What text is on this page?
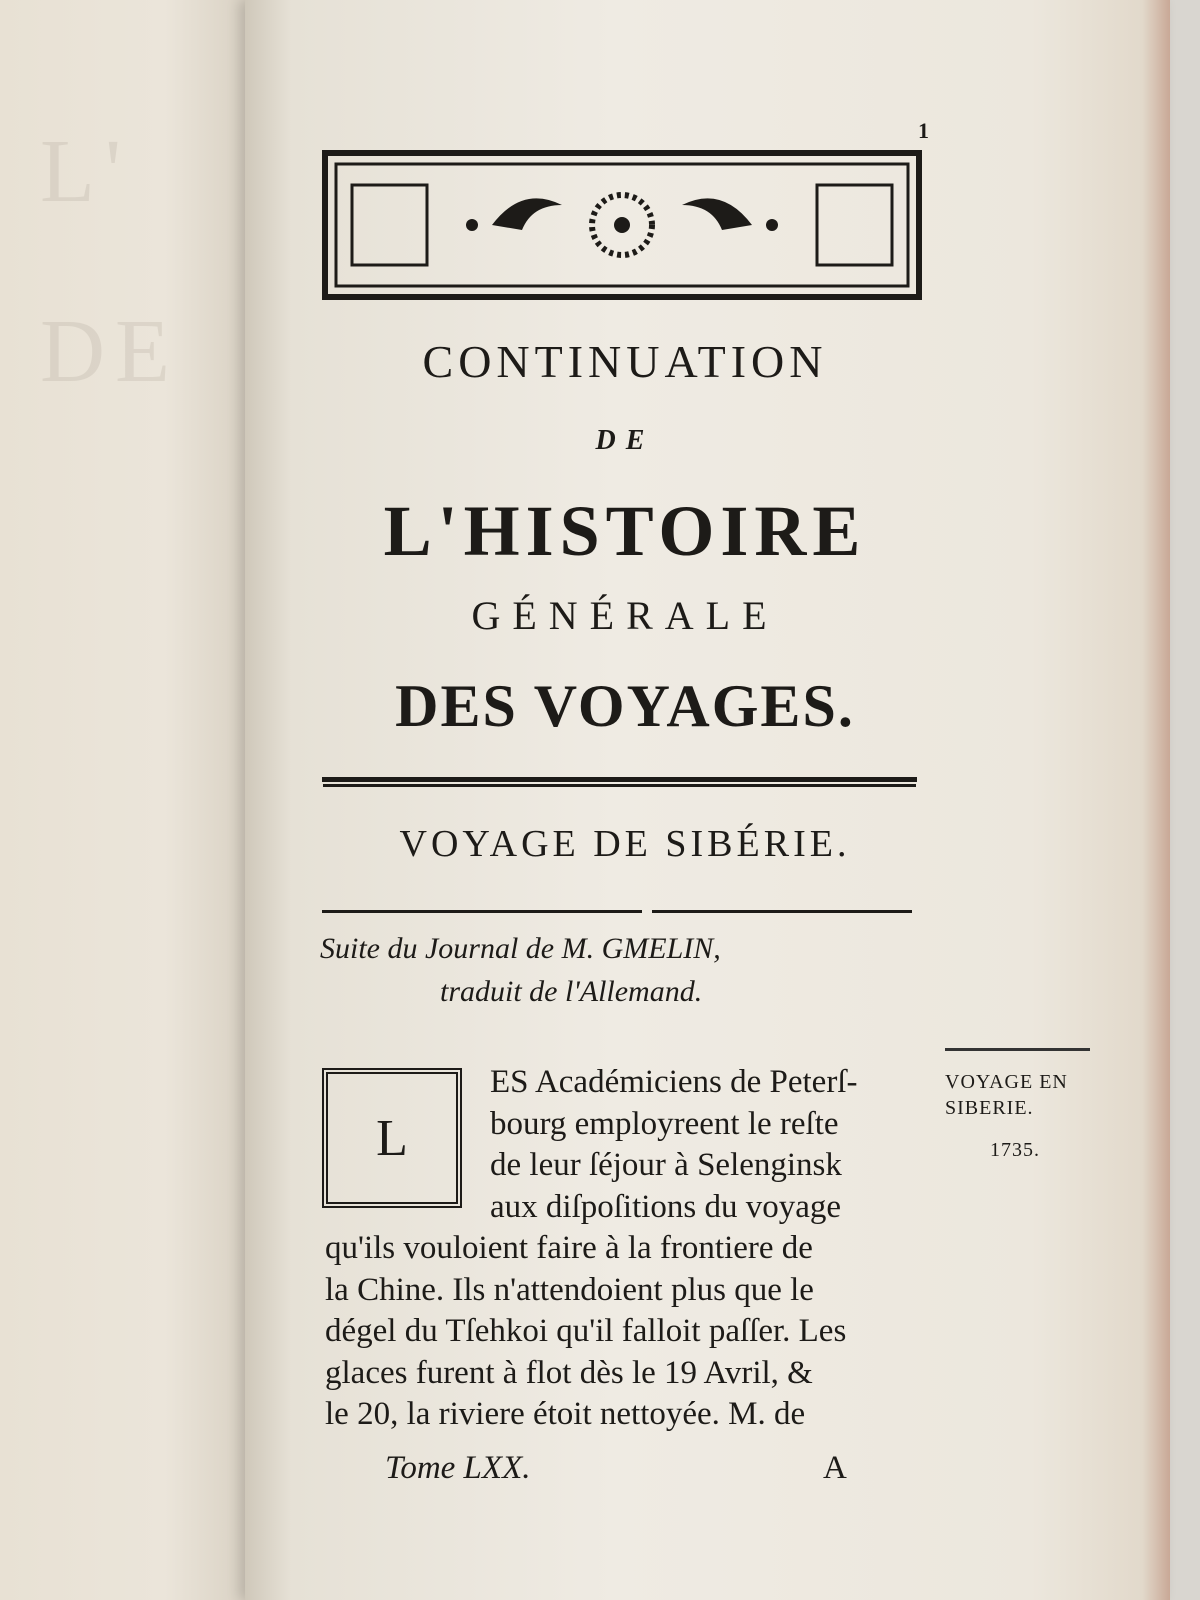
L'
DE
1
CONTINUATION
DE
L'HISTOIRE
GÉNÉRALE
DES VOYAGES.
VOYAGE DE SIBÉRIE.
Suite du Journal de M. GMELIN,
traduit de l'Allemand.
L
ES Académiciens de Peterſ-
bourg employreent le reſte
de leur ſéjour à Selenginsk
aux diſpoſitions du voyage
qu'ils vouloient faire à la frontiere de
la Chine. Ils n'attendoient plus que le
dégel du Tſehkoi qu'il falloit paſſer. Les
glaces furent à flot dès le 19 Avril, &
le 20, la riviere étoit nettoyée. M. de
VOYAGE EN
SIBERIE.
1735.
Tome LXX.	A
